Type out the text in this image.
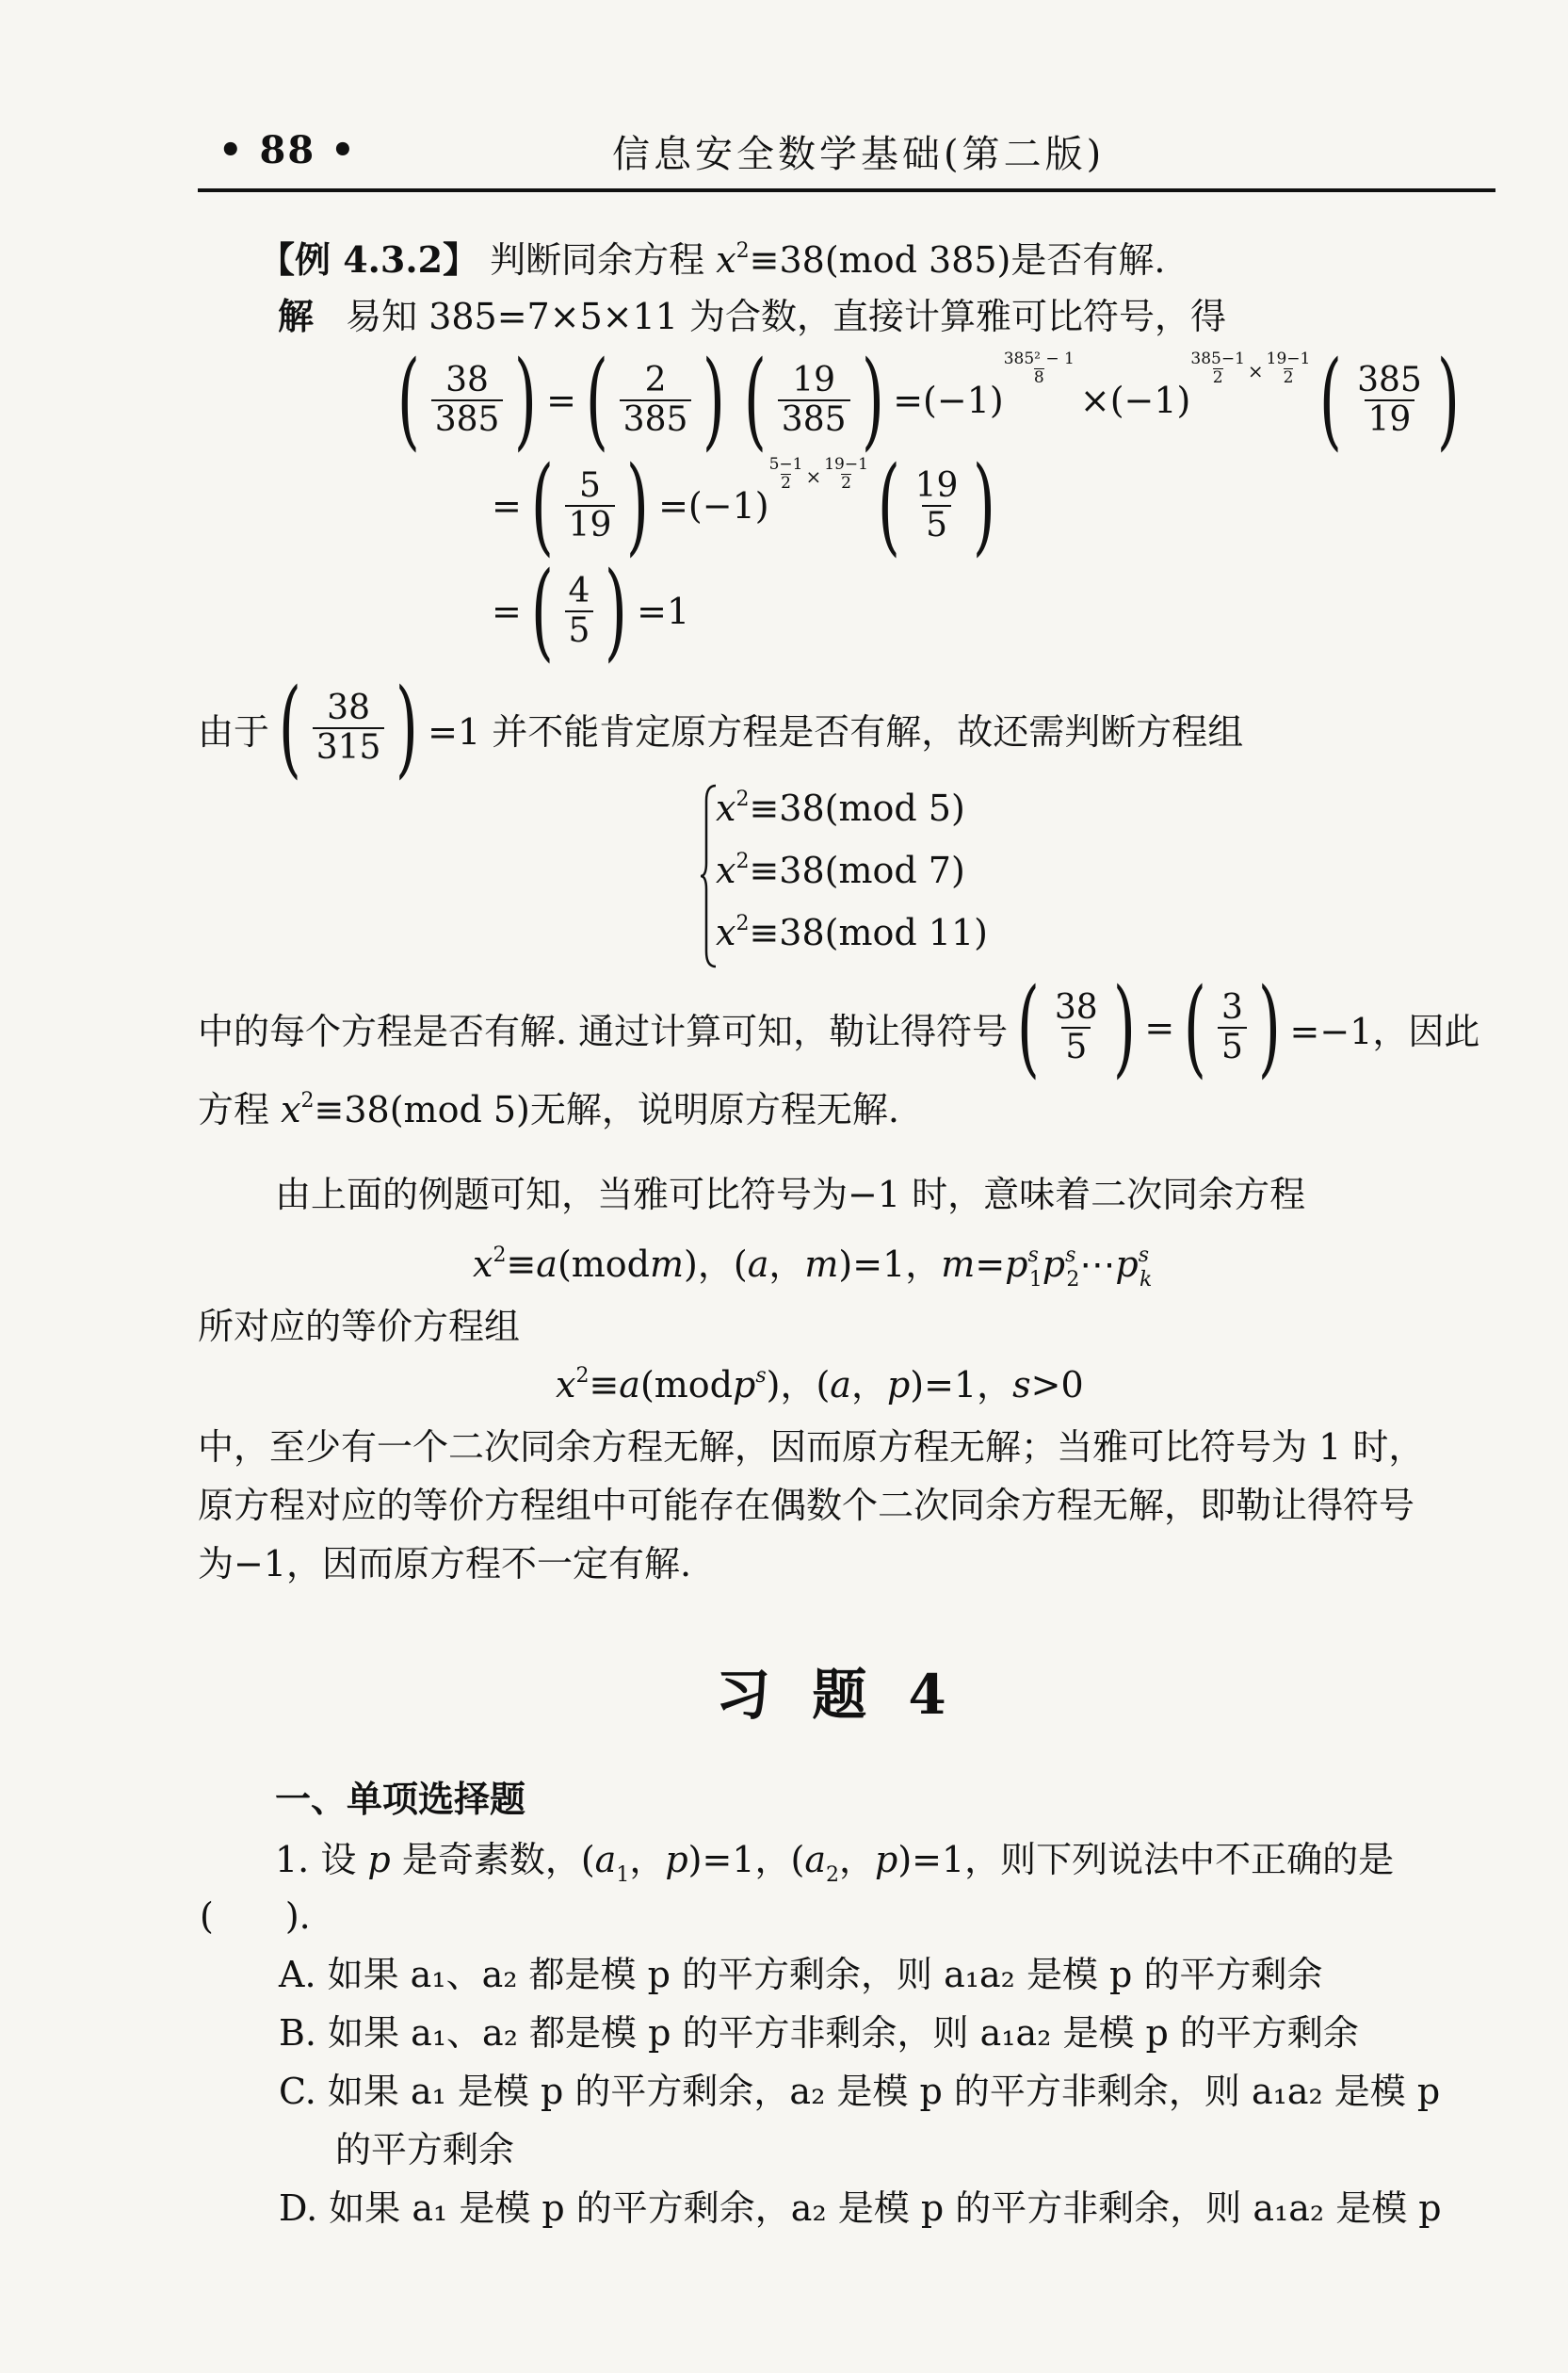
• 88 •	信息安全数学基础(第二版)
【例 4.3.2】 判断同余方程 $x^2\equiv 38(mod$ 385)是否有解.
解 易知 385=7×5×11 为合数，直接计算雅可比符号，得
( $\frac{38}{385}$ ) = ( $\frac{2}{385}$ ) ( $\frac{19}{385}$ ) =(−1)
385² − 1
8
×(−1)
$\frac{385-1}{2} \times \frac{19-1}{2}$ ( $\frac{385}{19}$ )
= ( $\frac{5}{19}$ ) =(−1)
$\frac{5-1}{2} \times \frac{19-1}{2}$ ( $\frac{19}{5}$ )
= ( $\frac{4}{5}$ ) =1
由于 ( $\frac{38}{315}$ ) =1 并不能肯定原方程是否有解，故还需判断方程组
$x^2\equiv 38(mod$ 5)
$x^2\equiv 38(mod$ 7)
$x^2\equiv 38(mod$ 11)
中的每个方程是否有解. 通过计算可知，勒让得符号 ( $\frac{38}{5}$ ) = ( $\frac{3}{5}$ ) =−1，因此
方程 $x^2\equiv 38(mod$ 5)无解，说明原方程无解.
由上面的例题可知，当雅可比符号为−1 时，意味着二次同余方程
$x^2\equiv a(modm)$，(a，m)=1，$m=p^s_1p^s_2\cdots p^s_k$
所对应的等价方程组
$x^2\equiv a(modp^s)$，(a，p)=1，s>0
中，至少有一个二次同余方程无解，因而原方程无解；当雅可比符号为 1 时，
原方程对应的等价方程组中可能存在偶数个二次同余方程无解，即勒让得符号
为−1，因而原方程不一定有解.
习 题 4
一、单项选择题
1. 设 p 是奇素数，($a_1$，p)=1，($a_2$，p)=1，则下列说法中不正确的是
(　　).
A. 如果 a₁、a₂ 都是模 p 的平方剩余，则 a₁a₂ 是模 p 的平方剩余
B. 如果 a₁、a₂ 都是模 p 的平方非剩余，则 a₁a₂ 是模 p 的平方剩余
C. 如果 a₁ 是模 p 的平方剩余，a₂ 是模 p 的平方非剩余，则 a₁a₂ 是模 p
的平方剩余
D. 如果 a₁ 是模 p 的平方剩余，a₂ 是模 p 的平方非剩余，则 a₁a₂ 是模 p
